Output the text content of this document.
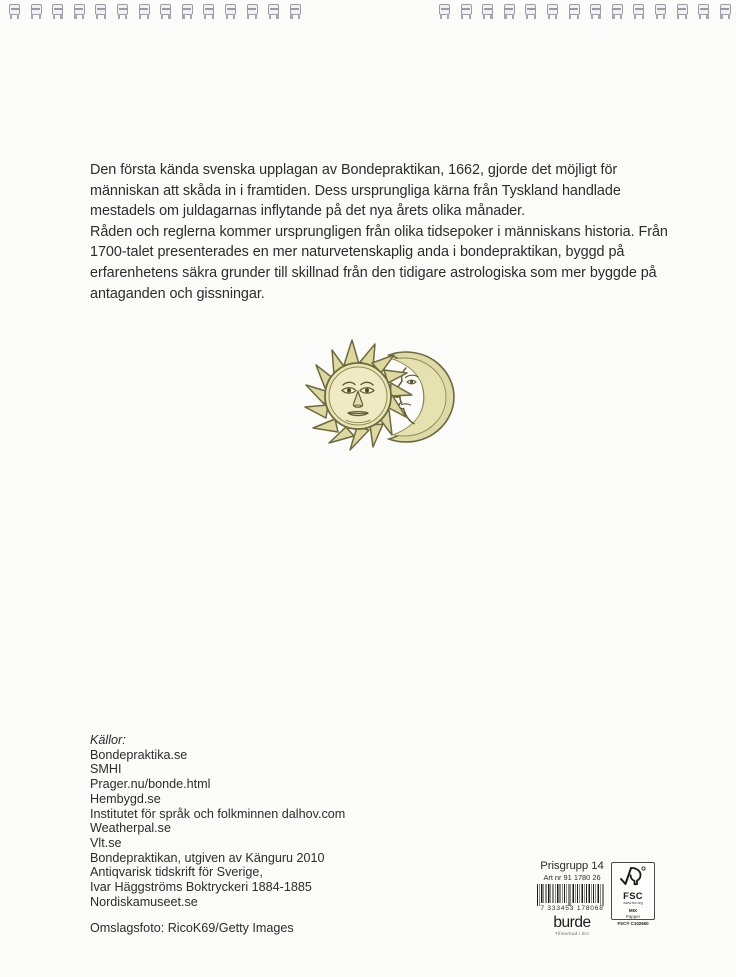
Den första kända svenska upplagan av Bondepraktikan, 1662, gjorde det möjligt för människan att skåda in i framtiden. Dess ursprungliga kärna från Tyskland handlade mestadels om juldagarnas inflytande på det nya årets olika månader.

Råden och reglerna kommer ursprungligen från olika tidsepoker i människans historia. Från 1700-talet presenterades en mer naturvetenskaplig anda i bondepraktikan, byggd på erfarenhetens säkra grunder till skillnad från den tidigare astrologiska som mer byggde på antaganden och gissningar.

Källor:
Bondepraktika.se
SMHI
Prager.nu/bonde.html
Hembygd.se
Institutet för språk och folkminnen dalhov.com
Weatherpal.se
Vlt.se
Bondepraktikan, utgiven av Känguru 2010
Antiqvarisk tidskrift för Sverige,
Ivar Häggströms Boktryckeri 1884-1885
Nordiskamuseet.se
Omslagsfoto: RicoK69/Getty Images
Prisgrupp 14
Art nr 91 1780 26
7 333453 178068
burde
Tillverkad i EU
FSC
www.fsc.org
MIX
Papper
FSC® C102650
